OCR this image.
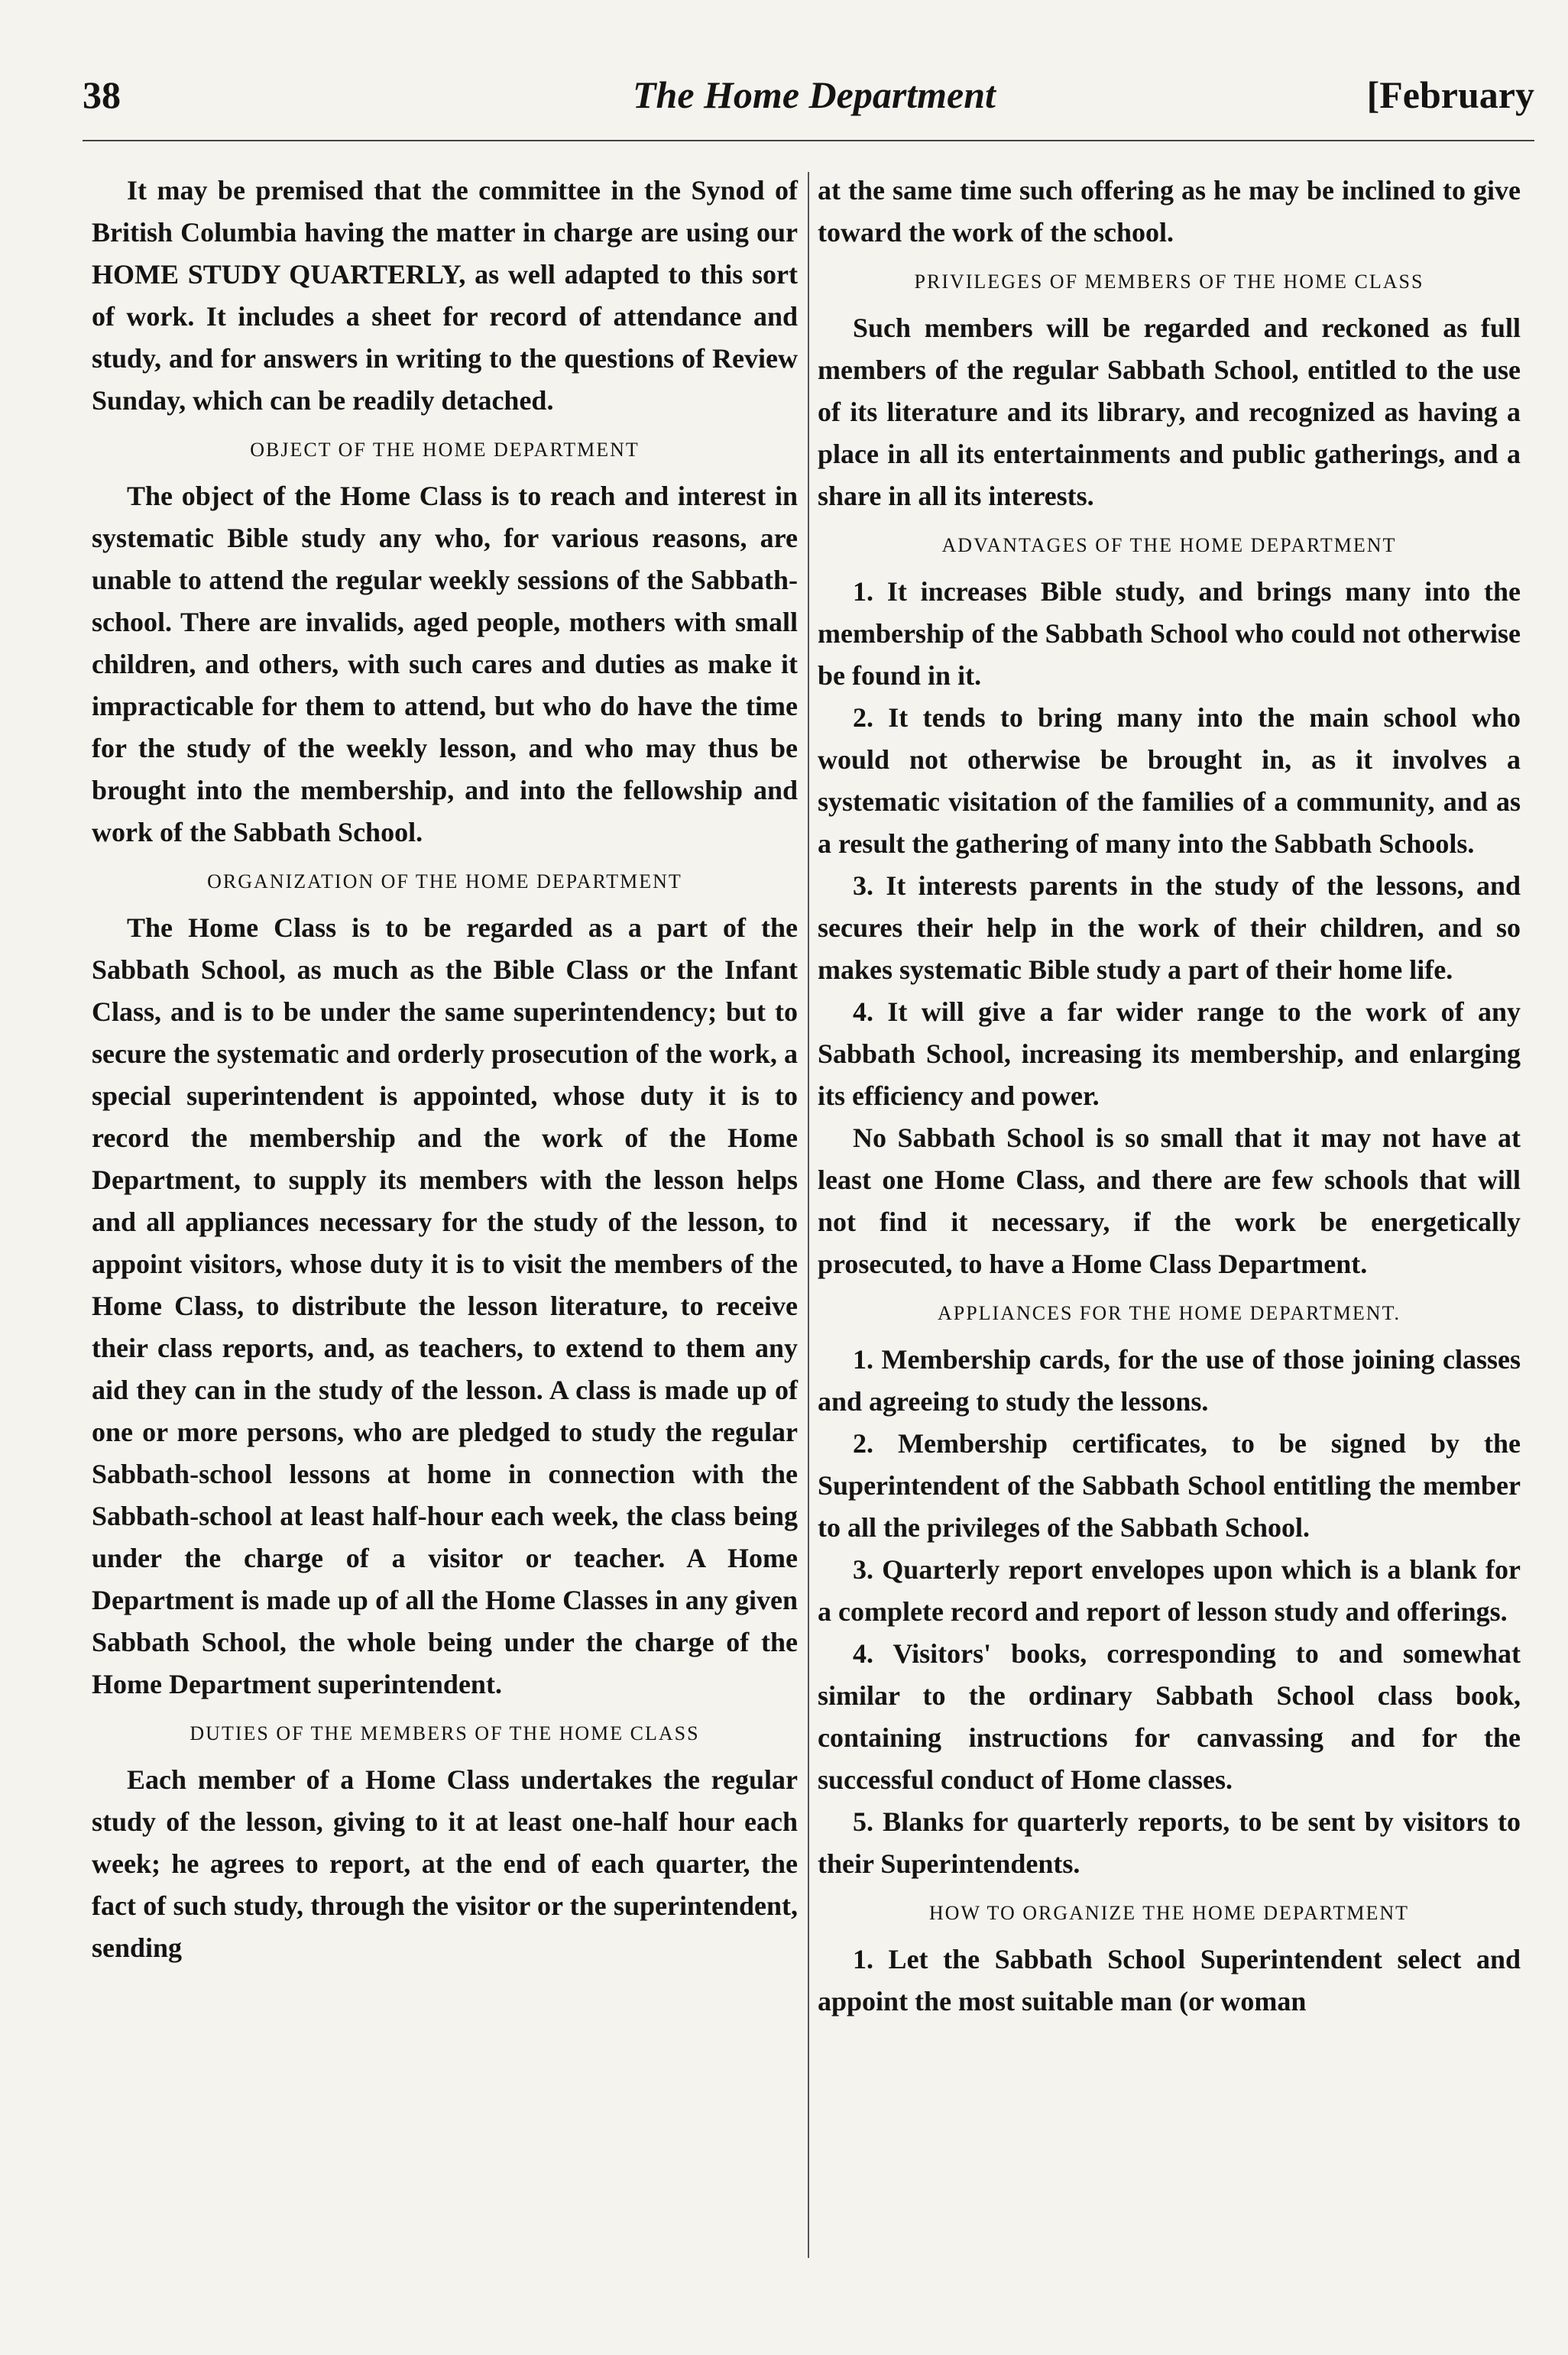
38	The Home Department	[February

It may be premised that the committee in the Synod of British Columbia having the matter in charge are using our HOME STUDY QUARTERLY, as well adapted to this sort of work. It includes a sheet for record of attendance and study, and for answers in writing to the questions of Review Sunday, which can be readily detached.

OBJECT OF THE HOME DEPARTMENT

The object of the Home Class is to reach and interest in systematic Bible study any who, for various reasons, are unable to attend the regular weekly sessions of the Sabbath-school. There are invalids, aged people, mothers with small children, and others, with such cares and duties as make it impracticable for them to attend, but who do have the time for the study of the weekly lesson, and who may thus be brought into the membership, and into the fellowship and work of the Sabbath School.

ORGANIZATION OF THE HOME DEPARTMENT

The Home Class is to be regarded as a part of the Sabbath School, as much as the Bible Class or the Infant Class, and is to be under the same superintendency; but to secure the systematic and orderly prosecution of the work, a special superintendent is appointed, whose duty it is to record the membership and the work of the Home Department, to supply its members with the lesson helps and all appliances necessary for the study of the lesson, to appoint visitors, whose duty it is to visit the members of the Home Class, to distribute the lesson literature, to receive their class reports, and, as teachers, to extend to them any aid they can in the study of the lesson. A class is made up of one or more persons, who are pledged to study the regular Sabbath-school lessons at home in connection with the Sabbath-school at least half-hour each week, the class being under the charge of a visitor or teacher. A Home Department is made up of all the Home Classes in any given Sabbath School, the whole being under the charge of the Home Department superintendent.

DUTIES OF THE MEMBERS OF THE HOME CLASS

Each member of a Home Class undertakes the regular study of the lesson, giving to it at least one-half hour each week; he agrees to report, at the end of each quarter, the fact of such study, through the visitor or the superintendent, sending

at the same time such offering as he may be inclined to give toward the work of the school.

PRIVILEGES OF MEMBERS OF THE HOME CLASS

Such members will be regarded and reckoned as full members of the regular Sabbath School, entitled to the use of its literature and its library, and recognized as having a place in all its entertainments and public gatherings, and a share in all its interests.

ADVANTAGES OF THE HOME DEPARTMENT

1. It increases Bible study, and brings many into the membership of the Sabbath School who could not otherwise be found in it.

2. It tends to bring many into the main school who would not otherwise be brought in, as it involves a systematic visitation of the families of a community, and as a result the gathering of many into the Sabbath Schools.

3. It interests parents in the study of the lessons, and secures their help in the work of their children, and so makes systematic Bible study a part of their home life.

4. It will give a far wider range to the work of any Sabbath School, increasing its membership, and enlarging its efficiency and power.

No Sabbath School is so small that it may not have at least one Home Class, and there are few schools that will not find it necessary, if the work be energetically prosecuted, to have a Home Class Department.

APPLIANCES FOR THE HOME DEPARTMENT.

1. Membership cards, for the use of those joining classes and agreeing to study the lessons.

2. Membership certificates, to be signed by the Superintendent of the Sabbath School entitling the member to all the privileges of the Sabbath School.

3. Quarterly report envelopes upon which is a blank for a complete record and report of lesson study and offerings.

4. Visitors' books, corresponding to and somewhat similar to the ordinary Sabbath School class book, containing instructions for canvassing and for the successful conduct of Home classes.

5. Blanks for quarterly reports, to be sent by visitors to their Superintendents.

HOW TO ORGANIZE THE HOME DEPARTMENT

1. Let the Sabbath School Superintendent select and appoint the most suitable man (or woman
